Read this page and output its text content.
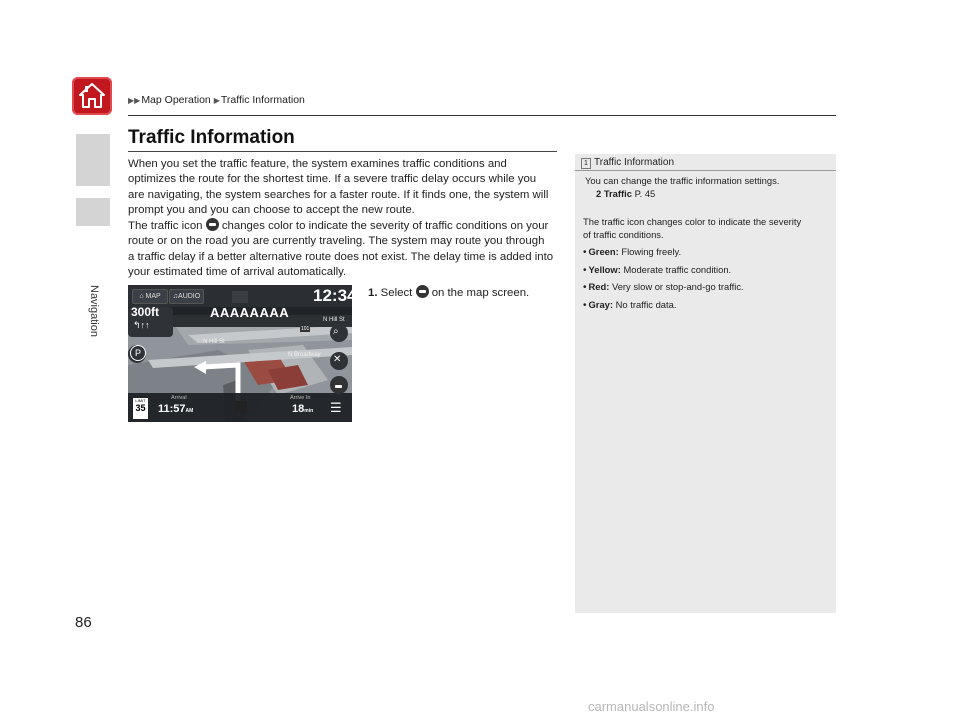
Navigation
▶▶Map Operation ▶Traffic Information
Traffic Information
When you set the traffic feature, the system examines traffic conditions and
optimizes the route for the shortest time. If a severe traffic delay occurs while you
are navigating, the system searches for a faster route. If it finds one, the system will
prompt you and you can choose to accept the new route.
The traffic icon changes color to indicate the severity of traffic conditions on your
route or on the road you are currently traveling. The system may route you through
a traffic delay if a better alternative route does not exist. The delay time is added into
your estimated time of arrival automatically.
1. Select on the map screen.
⌂ MAP	♫AUDIO	12:34
300ft
↰↑↑
AAAAAAAA
P
N Hill St
N Hill St
N Broadway
101 ⌕
✕
LIMIT
35
Arrival
11:57AM
Arrive In
18min ☰
1 Traffic Information
You can change the traffic information settings.
2 Traffic P. 45
The traffic icon changes color to indicate the severity
of traffic conditions.
• Green: Flowing freely.
• Yellow: Moderate traffic condition.
• Red: Very slow or stop-and-go traffic.
• Gray: No traffic data.
86
carmanualsonline.info
